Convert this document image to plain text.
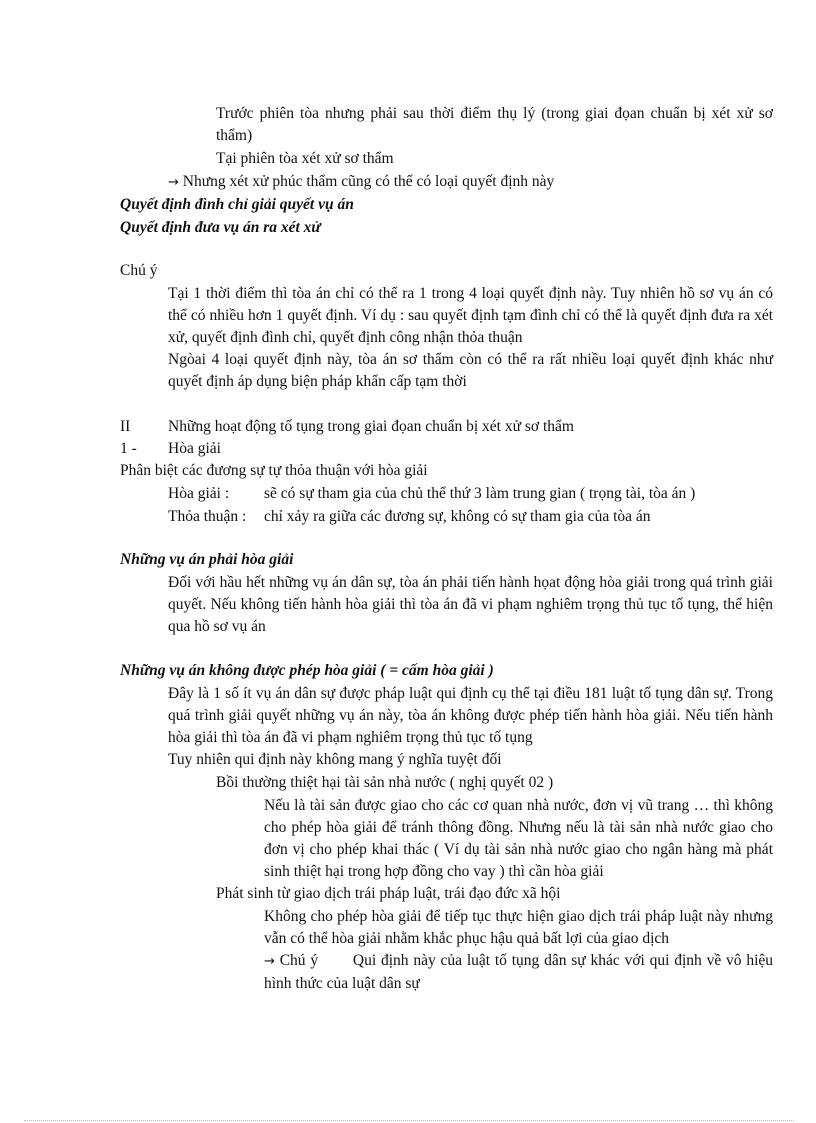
Trước phiên tòa nhưng phải sau thời điểm thụ lý (trong giai đọan chuẩn bị xét xử sơ thẩm)
Tại phiên tòa xét xử sơ thẩm
→ Nhưng xét xử phúc thẩm cũng có thể có loại quyết định này
Quyết định đình chỉ giải quyết vụ án
Quyết định đưa vụ án ra xét xử
Chú ý
Tại 1 thời điểm thì tòa án chỉ có thể ra 1 trong 4 loại quyết định này. Tuy nhiên hồ sơ vụ án có thể có nhiều hơn 1 quyết định. Ví dụ : sau quyết định tạm đình chỉ có thể là quyết định đưa ra xét xử, quyết định đình chỉ, quyết định công nhận thỏa thuận
Ngòai 4 loại quyết định này, tòa án sơ thẩm còn có thể ra rất nhiều loại quyết định khác như quyết định áp dụng biện pháp khẩn cấp tạm thời
II Những hoạt động tố tụng trong giai đọan chuẩn bị xét xử sơ thẩm
1 - Hòa giải
Phân biệt các đương sự tự thỏa thuận với hòa giải
Hòa giải : sẽ có sự tham gia của chủ thể thứ 3 làm trung gian ( trọng tài, tòa án )
Thỏa thuận : chỉ xảy ra giữa các đương sự, không có sự tham gia của tòa án
Những vụ án phải hòa giải
Đối với hầu hết những vụ án dân sự, tòa án phải tiến hành họat động hòa giải trong quá trình giải quyết. Nếu không tiến hành hòa giải thì tòa án đã vi phạm nghiêm trọng thủ tục tố tụng, thể hiện qua hồ sơ vụ án
Những vụ án không được phép hòa giải ( = cấm hòa giải )
Đây là 1 số ít vụ án dân sự được pháp luật qui định cụ thể tại điều 181 luật tố tụng dân sự. Trong quá trình giải quyết những vụ án này, tòa án không được phép tiến hành hòa giải. Nếu tiến hành hòa giải thì tòa án đã vi phạm nghiêm trọng thủ tục tố tụng
Tuy nhiên qui định này không mang ý nghĩa tuyệt đối
Bồi thường thiệt hại tài sản nhà nước ( nghị quyết 02 )
Nếu là tài sản được giao cho các cơ quan nhà nước, đơn vị vũ trang … thì không cho phép hòa giải để tránh thông đồng. Nhưng nếu là tài sản nhà nước giao cho đơn vị cho phép khai thác ( Ví dụ tài sản nhà nước giao cho ngân hàng mà phát sinh thiệt hại trong hợp đồng cho vay ) thì cần hòa giải
Phát sinh từ giao dịch trái pháp luật, trái đạo đức xã hội
Không cho phép hòa giải để tiếp tục thực hiện giao dịch trái pháp luật này nhưng vẫn có thể hòa giải nhằm khắc phục hậu quả bất lợi của giao dịch
→ Chú ý Qui định này của luật tố tụng dân sự khác với qui định về vô hiệu hình thức của luật dân sự
